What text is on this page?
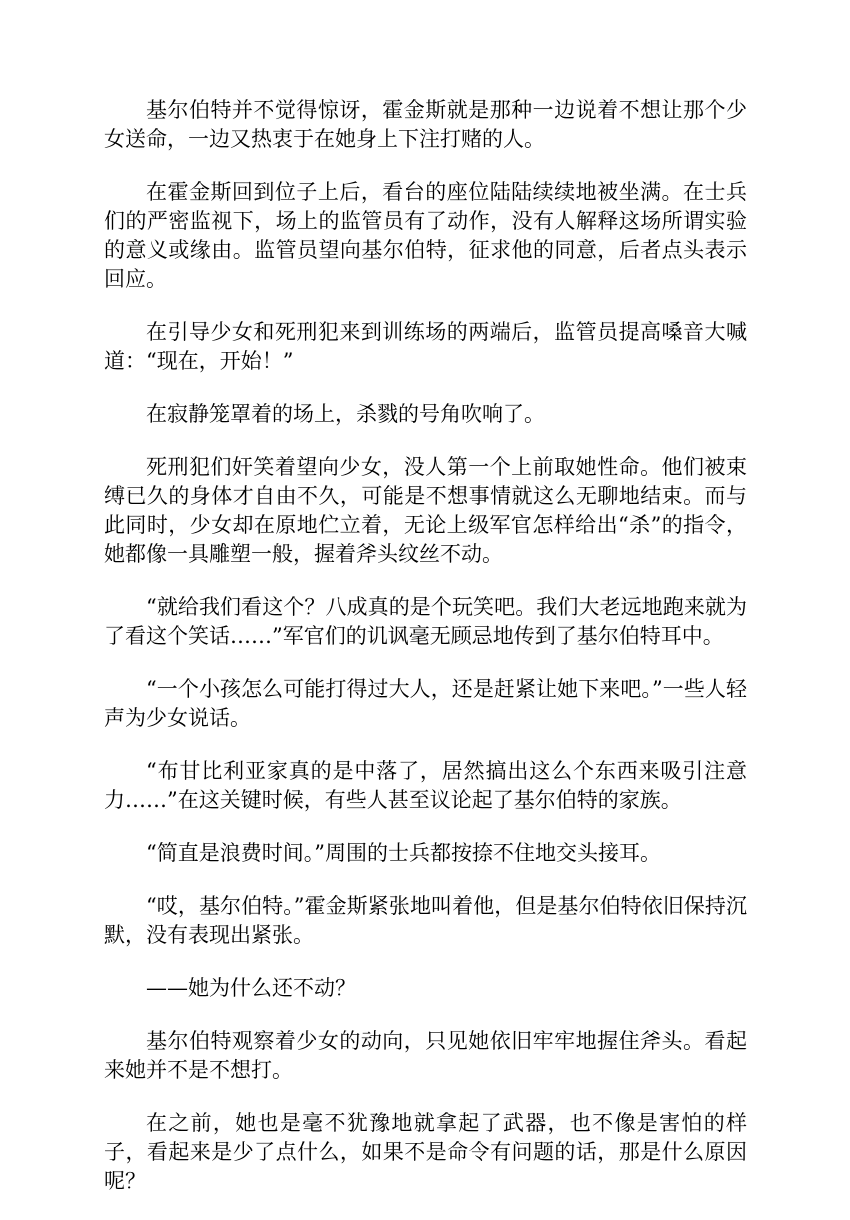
基尔伯特并不觉得惊讶，霍金斯就是那种一边说着不想让那个少女送命，一边又热衷于在她身上下注打赌的人。

在霍金斯回到位子上后，看台的座位陆陆续续地被坐满。在士兵们的严密监视下，场上的监管员有了动作，没有人解释这场所谓实验的意义或缘由。监管员望向基尔伯特，征求他的同意，后者点头表示回应。

在引导少女和死刑犯来到训练场的两端后，监管员提高嗓音大喊道：“现在，开始！”

在寂静笼罩着的场上，杀戮的号角吹响了。

死刑犯们奸笑着望向少女，没人第一个上前取她性命。他们被束缚已久的身体才自由不久，可能是不想事情就这么无聊地结束。而与此同时，少女却在原地伫立着，无论上级军官怎样给出“杀”的指令，她都像一具雕塑一般，握着斧头纹丝不动。

“就给我们看这个？八成真的是个玩笑吧。我们大老远地跑来就为了看这个笑话……”军官们的讥讽毫无顾忌地传到了基尔伯特耳中。

“一个小孩怎么可能打得过大人，还是赶紧让她下来吧。”一些人轻声为少女说话。

“布甘比利亚家真的是中落了，居然搞出这么个东西来吸引注意力……”在这关键时候，有些人甚至议论起了基尔伯特的家族。

“简直是浪费时间。”周围的士兵都按捺不住地交头接耳。

“哎，基尔伯特。”霍金斯紧张地叫着他，但是基尔伯特依旧保持沉默，没有表现出紧张。

——她为什么还不动？

基尔伯特观察着少女的动向，只见她依旧牢牢地握住斧头。看起来她并不是不想打。

在之前，她也是毫不犹豫地就拿起了武器，也不像是害怕的样子，看起来是少了点什么，如果不是命令有问题的话，那是什么原因呢？
